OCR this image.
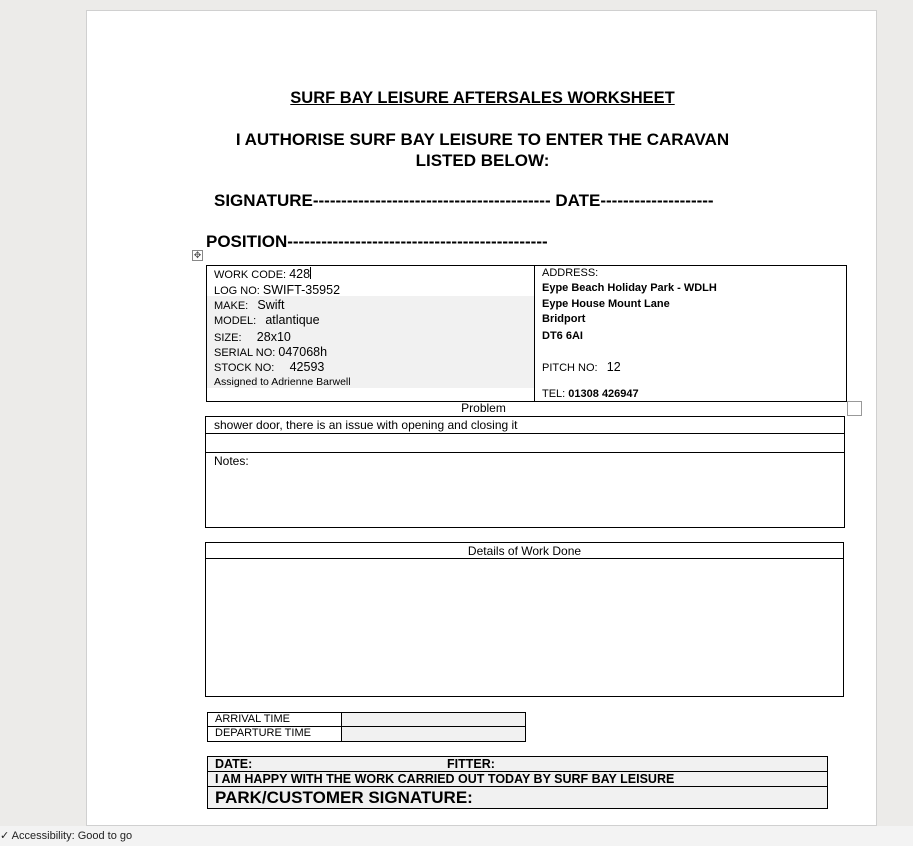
SURF BAY LEISURE AFTERSALES WORKSHEET
I AUTHORISE SURF BAY LEISURE TO ENTER THE CARAVAN
LISTED BELOW:
SIGNATURE------------------------------------------ DATE--------------------
POSITION----------------------------------------------
✥
WORK CODE: 428
LOG NO: SWIFT-35952
MAKE: Swift
MODEL: atlantique
SIZE: 28x10
SERIAL NO: 047068h
STOCK NO: 42593
Assigned to Adrienne Barwell
ADDRESS:
Eype Beach Holiday Park - WDLH
Eype House Mount Lane
Bridport
DT6 6AI
PITCH NO: 12
TEL: 01308 426947
Problem
shower door, there is an issue with opening and closing it
Notes:
Details of Work Done
ARRIVAL TIME
DEPARTURE TIME
DATE:	FITTER:
I AM HAPPY WITH THE WORK CARRIED OUT TODAY BY SURF BAY LEISURE
PARK/CUSTOMER SIGNATURE:
✓ Accessibility: Good to go
